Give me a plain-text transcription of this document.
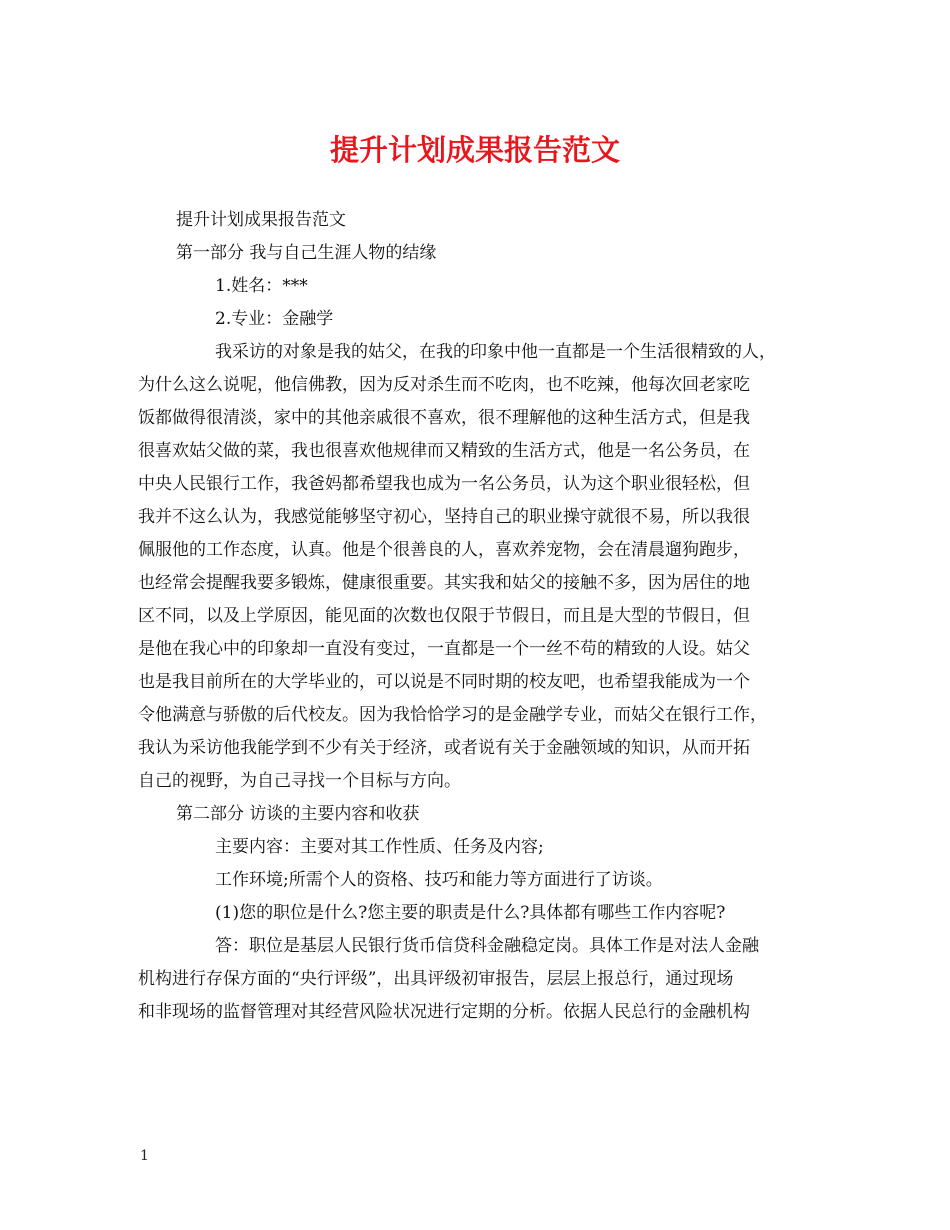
提升计划成果报告范文
提升计划成果报告范文
第一部分 我与自己生涯人物的结缘
1.姓名：***
2.专业：金融学
我采访的对象是我的姑父，在我的印象中他一直都是一个生活很精致的人，
为什么这么说呢，他信佛教，因为反对杀生而不吃肉，也不吃辣，他每次回老家吃
饭都做得很清淡，家中的其他亲戚很不喜欢，很不理解他的这种生活方式，但是我
很喜欢姑父做的菜，我也很喜欢他规律而又精致的生活方式，他是一名公务员，在
中央人民银行工作，我爸妈都希望我也成为一名公务员，认为这个职业很轻松，但
我并不这么认为，我感觉能够坚守初心，坚持自己的职业操守就很不易，所以我很
佩服他的工作态度，认真。他是个很善良的人，喜欢养宠物，会在清晨遛狗跑步，
也经常会提醒我要多锻炼，健康很重要。其实我和姑父的接触不多，因为居住的地
区不同，以及上学原因，能见面的次数也仅限于节假日，而且是大型的节假日，但
是他在我心中的印象却一直没有变过，一直都是一个一丝不苟的精致的人设。姑父
也是我目前所在的大学毕业的，可以说是不同时期的校友吧，也希望我能成为一个
令他满意与骄傲的后代校友。因为我恰恰学习的是金融学专业，而姑父在银行工作，
我认为采访他我能学到不少有关于经济，或者说有关于金融领域的知识，从而开拓
自己的视野，为自己寻找一个目标与方向。
第二部分 访谈的主要内容和收获
主要内容：主要对其工作性质、任务及内容;
工作环境;所需个人的资格、技巧和能力等方面进行了访谈。
(1)您的职位是什么?您主要的职责是什么?具体都有哪些工作内容呢?
答：职位是基层人民银行货币信贷科金融稳定岗。具体工作是对法人金融
机构进行存保方面的“央行评级”，出具评级初审报告，层层上报总行，通过现场
和非现场的监督管理对其经营风险状况进行定期的分析。依据人民总行的金融机构
1
